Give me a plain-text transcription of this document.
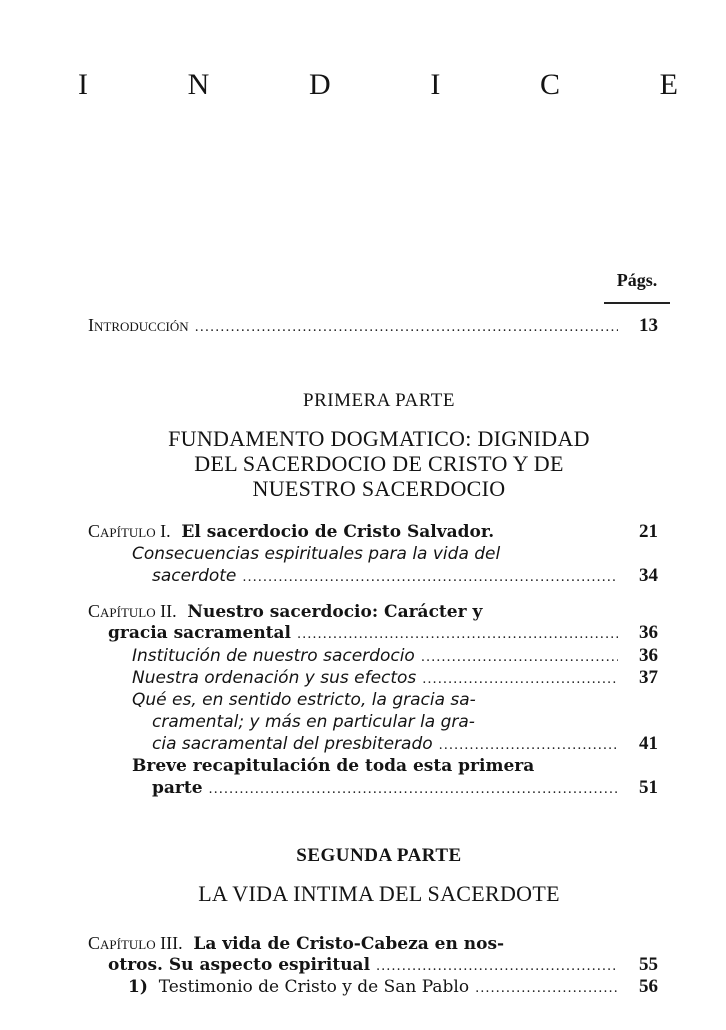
I	N	D	I	C	E
Págs.
Introducción .....	13
PRIMERA PARTE
FUNDAMENTO DOGMATICO: DIGNIDAD
DEL SACERDOCIO DE CRISTO Y DE
NUESTRO SACERDOCIO
Capítulo I. El sacerdocio de Cristo Salvador.	21
Consecuencias espirituales para la vida del
sacerdote .....	34
Capítulo II. Nuestro sacerdocio: Carácter y
gracia sacramental .....	36
Institución de nuestro sacerdocio .....	36
Nuestra ordenación y sus efectos .....	37
Qué es, en sentido estricto, la gracia sa-
cramental; y más en particular la gra-
cia sacramental del presbiterado .....	41
Breve recapitulación de toda esta primera
parte .....	51
SEGUNDA PARTE
LA VIDA INTIMA DEL SACERDOTE
Capítulo III. La vida de Cristo-Cabeza en nos-
otros. Su aspecto espiritual .....	55
1) Testimonio de Cristo y de San Pablo .....	56
